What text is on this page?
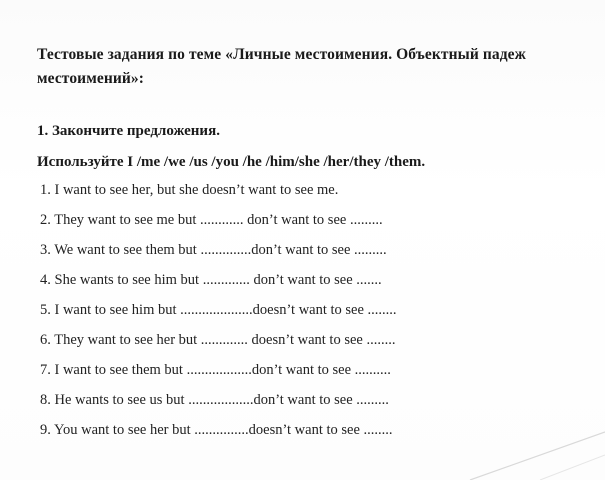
Тестовые задания по теме «Личные местоимения. Объектный падеж
местоимений»:
1. Закончите предложения.
Используйте I /me /we /us /you /he /him/she /her/they /them.
1. I want to see her, but she doesn’t want to see me.
2. They want to see me but ............ don’t want to see .........
3. We want to see them but ..............don’t want to see .........
4. She wants to see him but ............. don’t want to see .......
5. I want to see him but ....................doesn’t want to see ........
6. They want to see her but ............. doesn’t want to see ........
7. I want to see them but ..................don’t want to see ..........
8. He wants to see us but ..................don’t want to see .........
9. You want to see her but ...............doesn’t want to see ........
